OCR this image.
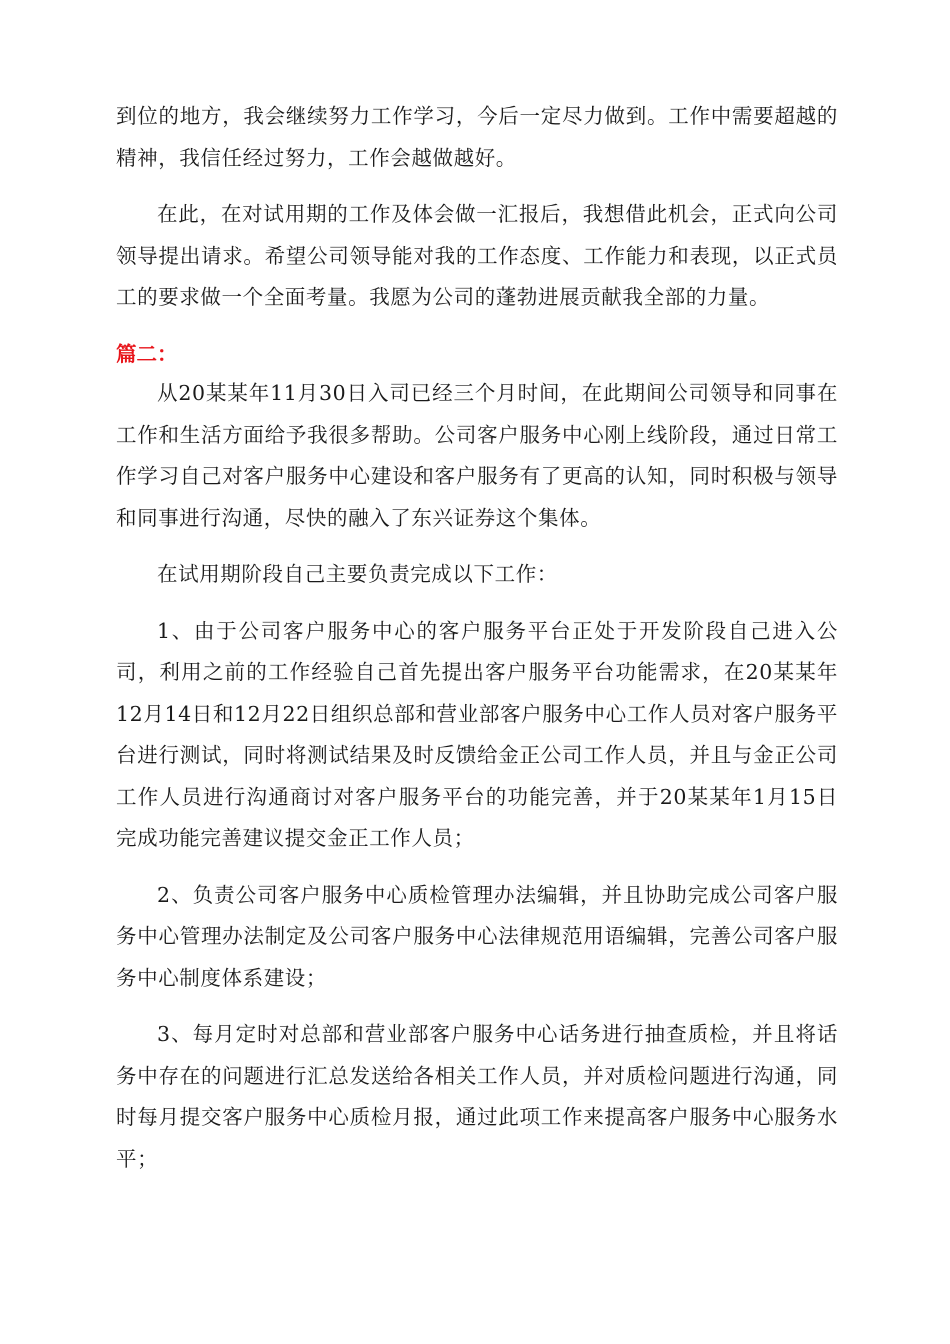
到位的地方，我会继续努力工作学习，今后一定尽力做到。工作中需要超越的精神，我信任经过努力，工作会越做越好。

在此，在对试用期的工作及体会做一汇报后，我想借此机会，正式向公司领导提出请求。希望公司领导能对我的工作态度、工作能力和表现，以正式员工的要求做一个全面考量。我愿为公司的蓬勃进展贡献我全部的力量。

篇二：

从20某某年11月30日入司已经三个月时间，在此期间公司领导和同事在工作和生活方面给予我很多帮助。公司客户服务中心刚上线阶段，通过日常工作学习自己对客户服务中心建设和客户服务有了更高的认知，同时积极与领导和同事进行沟通，尽快的融入了东兴证券这个集体。

在试用期阶段自己主要负责完成以下工作：

1、由于公司客户服务中心的客户服务平台正处于开发阶段自己进入公司，利用之前的工作经验自己首先提出客户服务平台功能需求，在20某某年12月14日和12月22日组织总部和营业部客户服务中心工作人员对客户服务平台进行测试，同时将测试结果及时反馈给金正公司工作人员，并且与金正公司工作人员进行沟通商讨对客户服务平台的功能完善，并于20某某年1月15日完成功能完善建议提交金正工作人员；

2、负责公司客户服务中心质检管理办法编辑，并且协助完成公司客户服务中心管理办法制定及公司客户服务中心法律规范用语编辑，完善公司客户服务中心制度体系建设；

3、每月定时对总部和营业部客户服务中心话务进行抽查质检，并且将话务中存在的问题进行汇总发送给各相关工作人员，并对质检问题进行沟通，同时每月提交客户服务中心质检月报，通过此项工作来提高客户服务中心服务水平；
